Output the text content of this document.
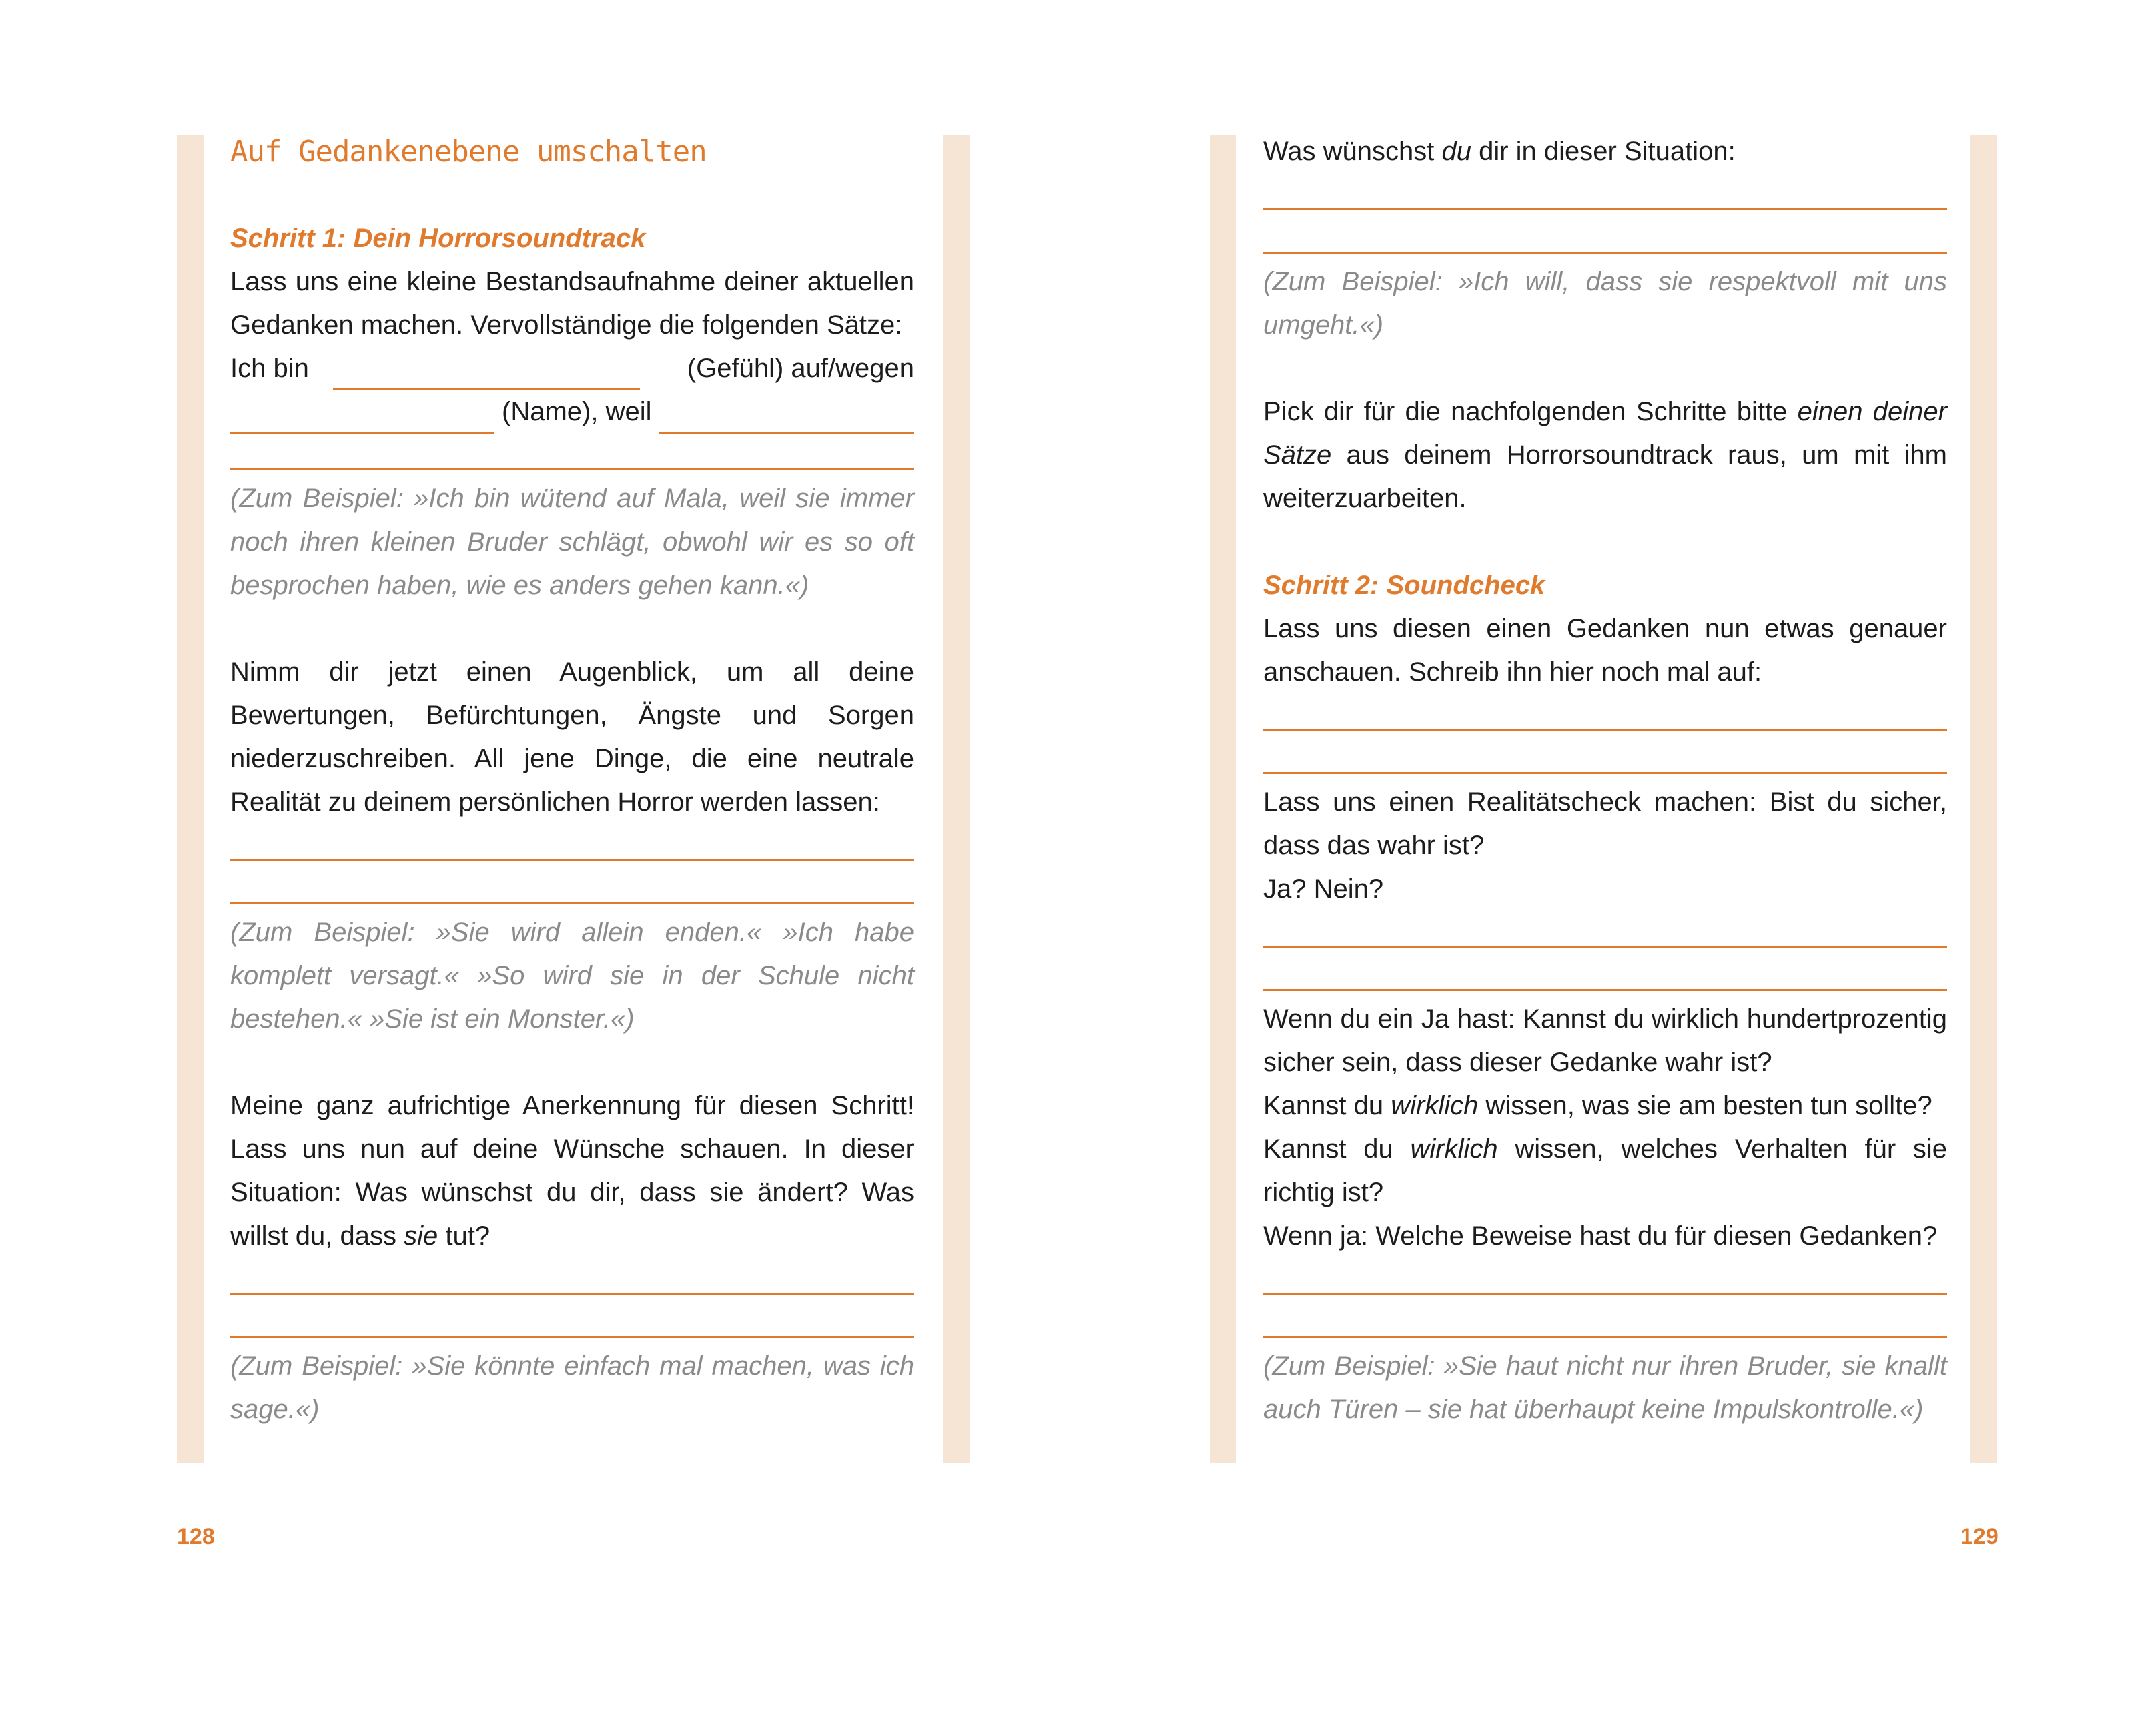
Auf Gedankenebene umschalten

Schritt 1: Dein Horrorsoundtrack

Lass uns eine kleine Bestandsaufnahme deiner aktuellen Gedanken machen. Vervollständige die folgenden Sätze:

Ich bin	(Gefühl) auf/wegen
(Name), weil

(Zum Beispiel: »Ich bin wütend auf Mala, weil sie immer noch ihren kleinen Bruder schlägt, obwohl wir es so oft besprochen haben, wie es anders gehen kann.«)

Nimm dir jetzt einen Augenblick, um all deine Bewertungen, Befürchtungen, Ängste und Sorgen niederzuschreiben. All jene Dinge, die eine neutrale Realität zu deinem persönlichen Horror werden lassen:

(Zum Beispiel: »Sie wird allein enden.« »Ich habe komplett versagt.« »So wird sie in der Schule nicht bestehen.« »Sie ist ein Monster.«)

Meine ganz aufrichtige Anerkennung für diesen Schritt! Lass uns nun auf deine Wünsche schauen. In dieser Situation: Was wünschst du dir, dass sie ändert? Was willst du, dass sie tut?

(Zum Beispiel: »Sie könnte einfach mal machen, was ich sage.«)

128

Was wünschst du dir in dieser Situation:

(Zum Beispiel: »Ich will, dass sie respektvoll mit uns umgeht.«)

Pick dir für die nachfolgenden Schritte bitte einen deiner Sätze aus deinem Horrorsoundtrack raus, um mit ihm weiterzuarbeiten.

Schritt 2: Soundcheck

Lass uns diesen einen Gedanken nun etwas genauer anschauen. Schreib ihn hier noch mal auf:

Lass uns einen Realitätscheck machen: Bist du sicher, dass das wahr ist?

Ja? Nein?

Wenn du ein Ja hast: Kannst du wirklich hundertprozentig sicher sein, dass dieser Gedanke wahr ist?

Kannst du wirklich wissen, was sie am besten tun sollte?

Kannst du wirklich wissen, welches Verhalten für sie richtig ist?

Wenn ja: Welche Beweise hast du für diesen Gedanken?

(Zum Beispiel: »Sie haut nicht nur ihren Bruder, sie knallt auch Türen – sie hat überhaupt keine Impulskontrolle.«)

129
